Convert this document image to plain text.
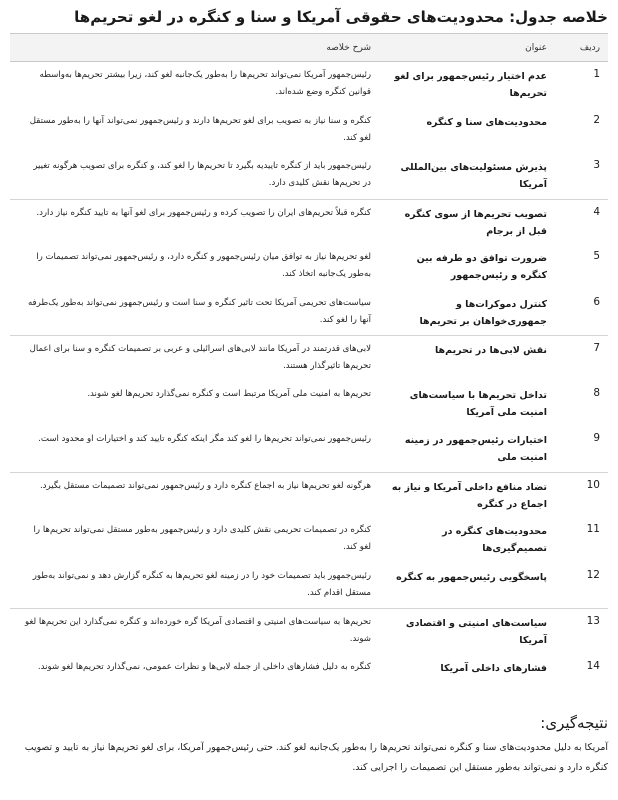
خلاصه جدول: محدودیت‌های حقوقی آمریکا و سنا و کنگره در لغو تحریم‌ها
ردیف
عنوان
شرح خلاصه
1
عدم اختیار رئیس‌جمهور برای لغو تحریم‌ها
رئیس‌جمهور آمریکا نمی‌تواند تحریم‌ها را به‌طور یک‌جانبه لغو کند، زیرا بیشتر تحریم‌ها به‌واسطه قوانین کنگره وضع شده‌اند.
2
محدودیت‌های سنا و کنگره
کنگره و سنا نیاز به تصویب برای لغو تحریم‌ها دارند و رئیس‌جمهور نمی‌تواند آنها را به‌طور مستقل لغو کند.
3
پذیرش مسئولیت‌های بین‌المللی آمریکا
رئیس‌جمهور باید از کنگره تاییدیه بگیرد تا تحریم‌ها را لغو کند، و کنگره برای تصویب هرگونه تغییر در تحریم‌ها نقش کلیدی دارد.
4
تصویب تحریم‌ها از سوی کنگره قبل از برجام
کنگره قبلاً تحریم‌های ایران را تصویب کرده و رئیس‌جمهور برای لغو آنها به تایید کنگره نیاز دارد.
5
ضرورت توافق دو طرفه بین کنگره و رئیس‌جمهور
لغو تحریم‌ها نیاز به توافق میان رئیس‌جمهور و کنگره دارد، و رئیس‌جمهور نمی‌تواند تصمیمات را به‌طور یک‌جانبه اتخاذ کند.
6
کنترل دموکرات‌ها و جمهوری‌خواهان بر تحریم‌ها
سیاست‌های تحریمی آمریکا تحت تاثیر کنگره و سنا است و رئیس‌جمهور نمی‌تواند به‌طور یک‌طرفه آنها را لغو کند.
7
نقش لابی‌ها در تحریم‌ها
لابی‌های قدرتمند در آمریکا مانند لابی‌های اسرائیلی و عربی بر تصمیمات کنگره و سنا برای اعمال تحریم‌ها تاثیرگذار هستند.
8
تداخل تحریم‌ها با سیاست‌های امنیت ملی آمریکا
تحریم‌ها به امنیت ملی آمریکا مرتبط است و کنگره نمی‌گذارد تحریم‌ها لغو شوند.
9
اختیارات رئیس‌جمهور در زمینه امنیت ملی
رئیس‌جمهور نمی‌تواند تحریم‌ها را لغو کند مگر اینکه کنگره تایید کند و اختیارات او محدود است.
10
تضاد منافع داخلی آمریکا و نیاز به اجماع در کنگره
هرگونه لغو تحریم‌ها نیاز به اجماع کنگره دارد و رئیس‌جمهور نمی‌تواند تصمیمات مستقل بگیرد.
11
محدودیت‌های کنگره در تصمیم‌گیری‌ها
کنگره در تصمیمات تحریمی نقش کلیدی دارد و رئیس‌جمهور به‌طور مستقل نمی‌تواند تحریم‌ها را لغو کند.
12
پاسخگویی رئیس‌جمهور به کنگره
رئیس‌جمهور باید تصمیمات خود را در زمینه لغو تحریم‌ها به کنگره گزارش دهد و نمی‌تواند به‌طور مستقل اقدام کند.
13
سیاست‌های امنیتی و اقتصادی آمریکا
تحریم‌ها به سیاست‌های امنیتی و اقتصادی آمریکا گره خورده‌اند و کنگره نمی‌گذارد این تحریم‌ها لغو شوند.
14
فشارهای داخلی آمریکا
کنگره به دلیل فشارهای داخلی از جمله لابی‌ها و نظرات عمومی، نمی‌گذارد تحریم‌ها لغو شوند.
نتیجه‌گیری:
آمریکا به دلیل محدودیت‌های سنا و کنگره نمی‌تواند تحریم‌ها را به‌طور یک‌جانبه لغو کند. حتی رئیس‌جمهور آمریکا، برای لغو تحریم‌ها نیاز به تایید و تصویب کنگره دارد و نمی‌تواند به‌طور مستقل این تصمیمات را اجرایی کند.
